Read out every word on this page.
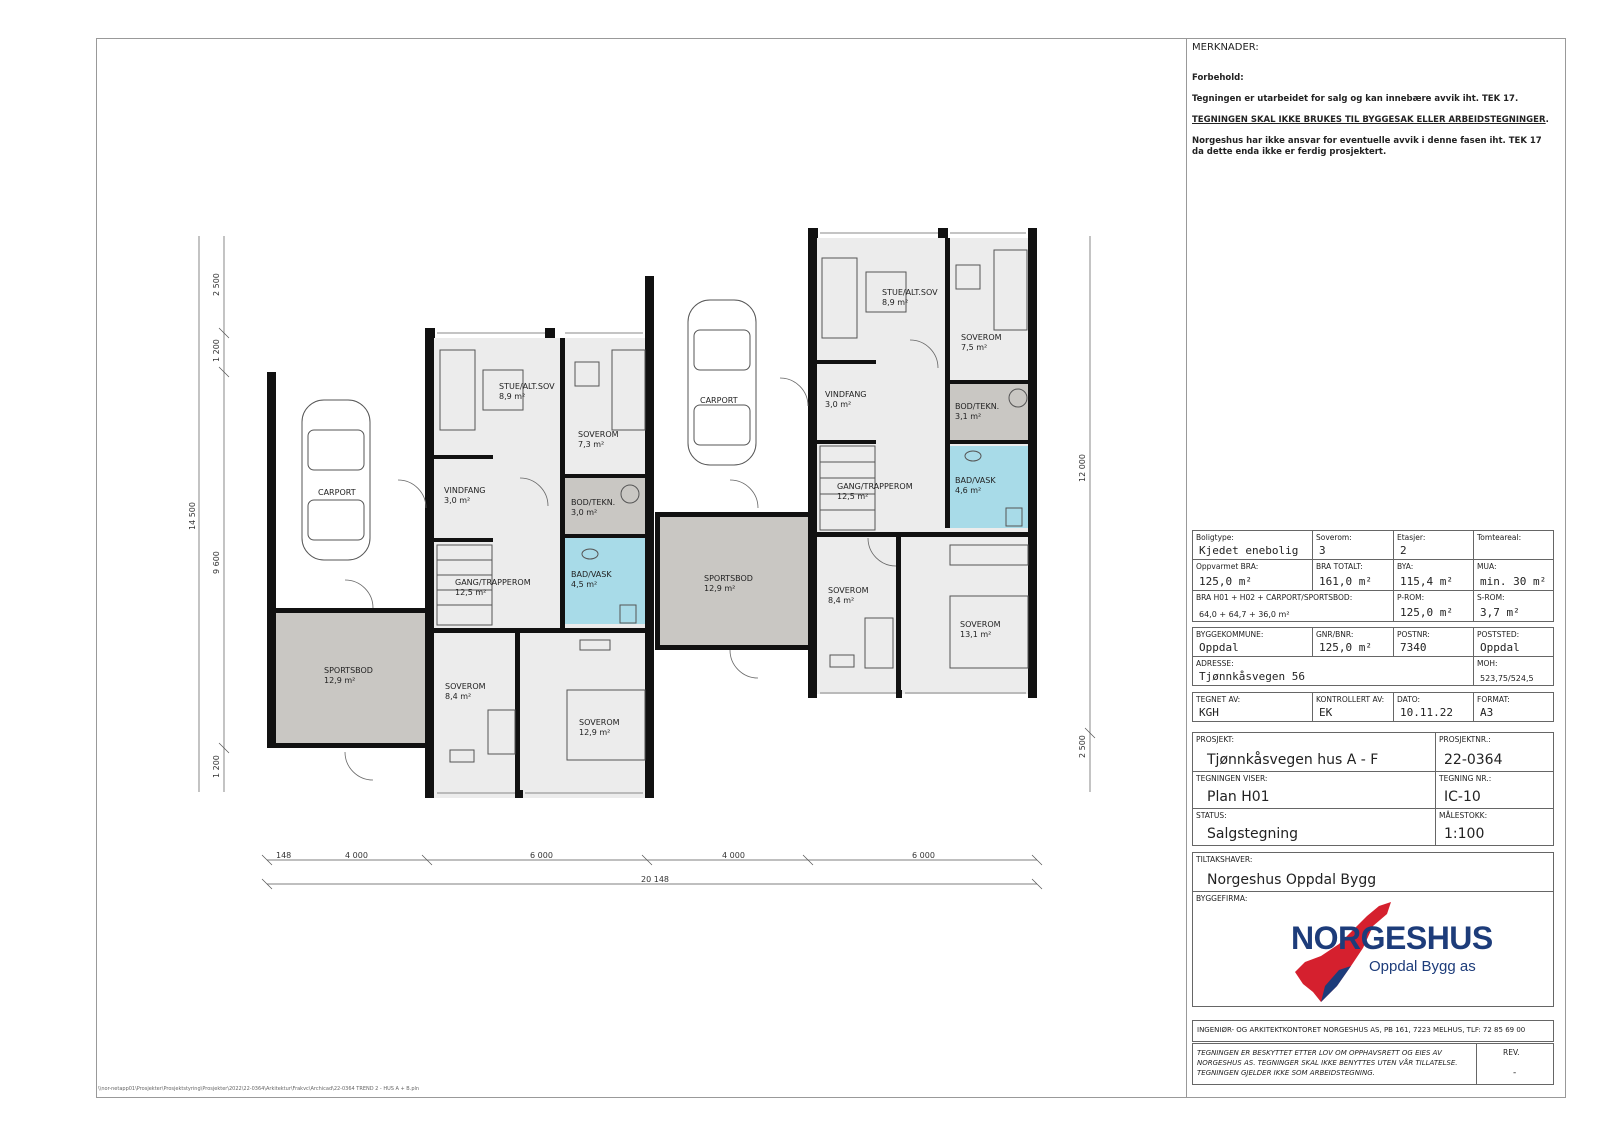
MERKNADER:

Forbehold:

Tegningen er utarbeidet for salg og kan innebære avvik iht. TEK 17.

TEGNINGEN SKAL IKKE BRUKES TIL BYGGESAK ELLER ARBEIDSTEGNINGER.

Norgeshus har ikke ansvar for eventuelle avvik i denne fasen iht. TEK 17 da dette enda ikke er ferdig prosjektert.

CARPORT
SPORTSBOD
12,9 m²
STUE/ALT.SOV
8,9 m²
SOVEROM
7,3 m²
VINDFANG
3,0 m²	BOD/TEKN.
3,0 m²
GANG/TRAPPEROM
12,5 m²
BAD/VASK
4,5 m²
SOVEROM
8,4 m²
SOVEROM
12,9 m²
CARPORT
SPORTSBOD
12,9 m²
STUE/ALT.SOV
8,9 m²
SOVEROM
7,5 m²
VINDFANG
3,0 m²	BOD/TEKN.
3,1 m²
GANG/TRAPPEROM
12,5 m²
BAD/VASK
4,6 m²
SOVEROM
8,4 m²
SOVEROM
13,1 m²
148	4 000	6 000	4 000	6 000
20 148
2 500
1 200
9 600
1 200
14 500
12 000
2 500
\\nor-netapp01\Prosjekter\Prosjektstyring\Prosjekter\2022\22-0364\Arkitektur\Frakvc\Archicad\22-0364 TREND 2 - HUS A + B.pln
Boligtype:
Kjedet enebolig
Soverom:
3
Etasjer:
2
Tomteareal:
Oppvarmet BRA:
125,0 m²
BRA TOTALT:
161,0 m²
BYA:
115,4 m²
MUA:
min. 30 m²
BRA H01 + H02 + CARPORT/SPORTSBOD:
64,0 + 64,7 + 36,0 m²
P-ROM:
125,0 m²
S-ROM:
3,7 m²
BYGGEKOMMUNE:
Oppdal
GNR/BNR:
125,0 m²
POSTNR:
7340
POSTSTED:
Oppdal
ADRESSE:
Tjønnkåsvegen 56
MOH:
523,75/524,5
TEGNET AV:
KGH
KONTROLLERT AV:
EK
DATO:
10.11.22
FORMAT:
A3
PROSJEKT:
Tjønnkåsvegen hus A - F
PROSJEKTNR.:
22-0364
TEGNINGEN VISER:
Plan H01
TEGNING NR.:
IC-10
STATUS:
Salgstegning
MÅLESTOKK:
1:100
TILTAKSHAVER:
Norgeshus Oppdal Bygg
BYGGEFIRMA:
NORGESHUS
Oppdal Bygg as
INGENIØR- OG ARKITEKTKONTORET NORGESHUS AS, PB 161, 7223 MELHUS, TLF: 72 85 69 00
TEGNINGEN ER BESKYTTET ETTER LOV OM OPPHAVSRETT OG EIES AV NORGESHUS AS. TEGNINGER SKAL IKKE BENYTTES UTEN VÅR TILLATELSE. TEGNINGEN GJELDER IKKE SOM ARBEIDSTEGNING.
REV.
-
